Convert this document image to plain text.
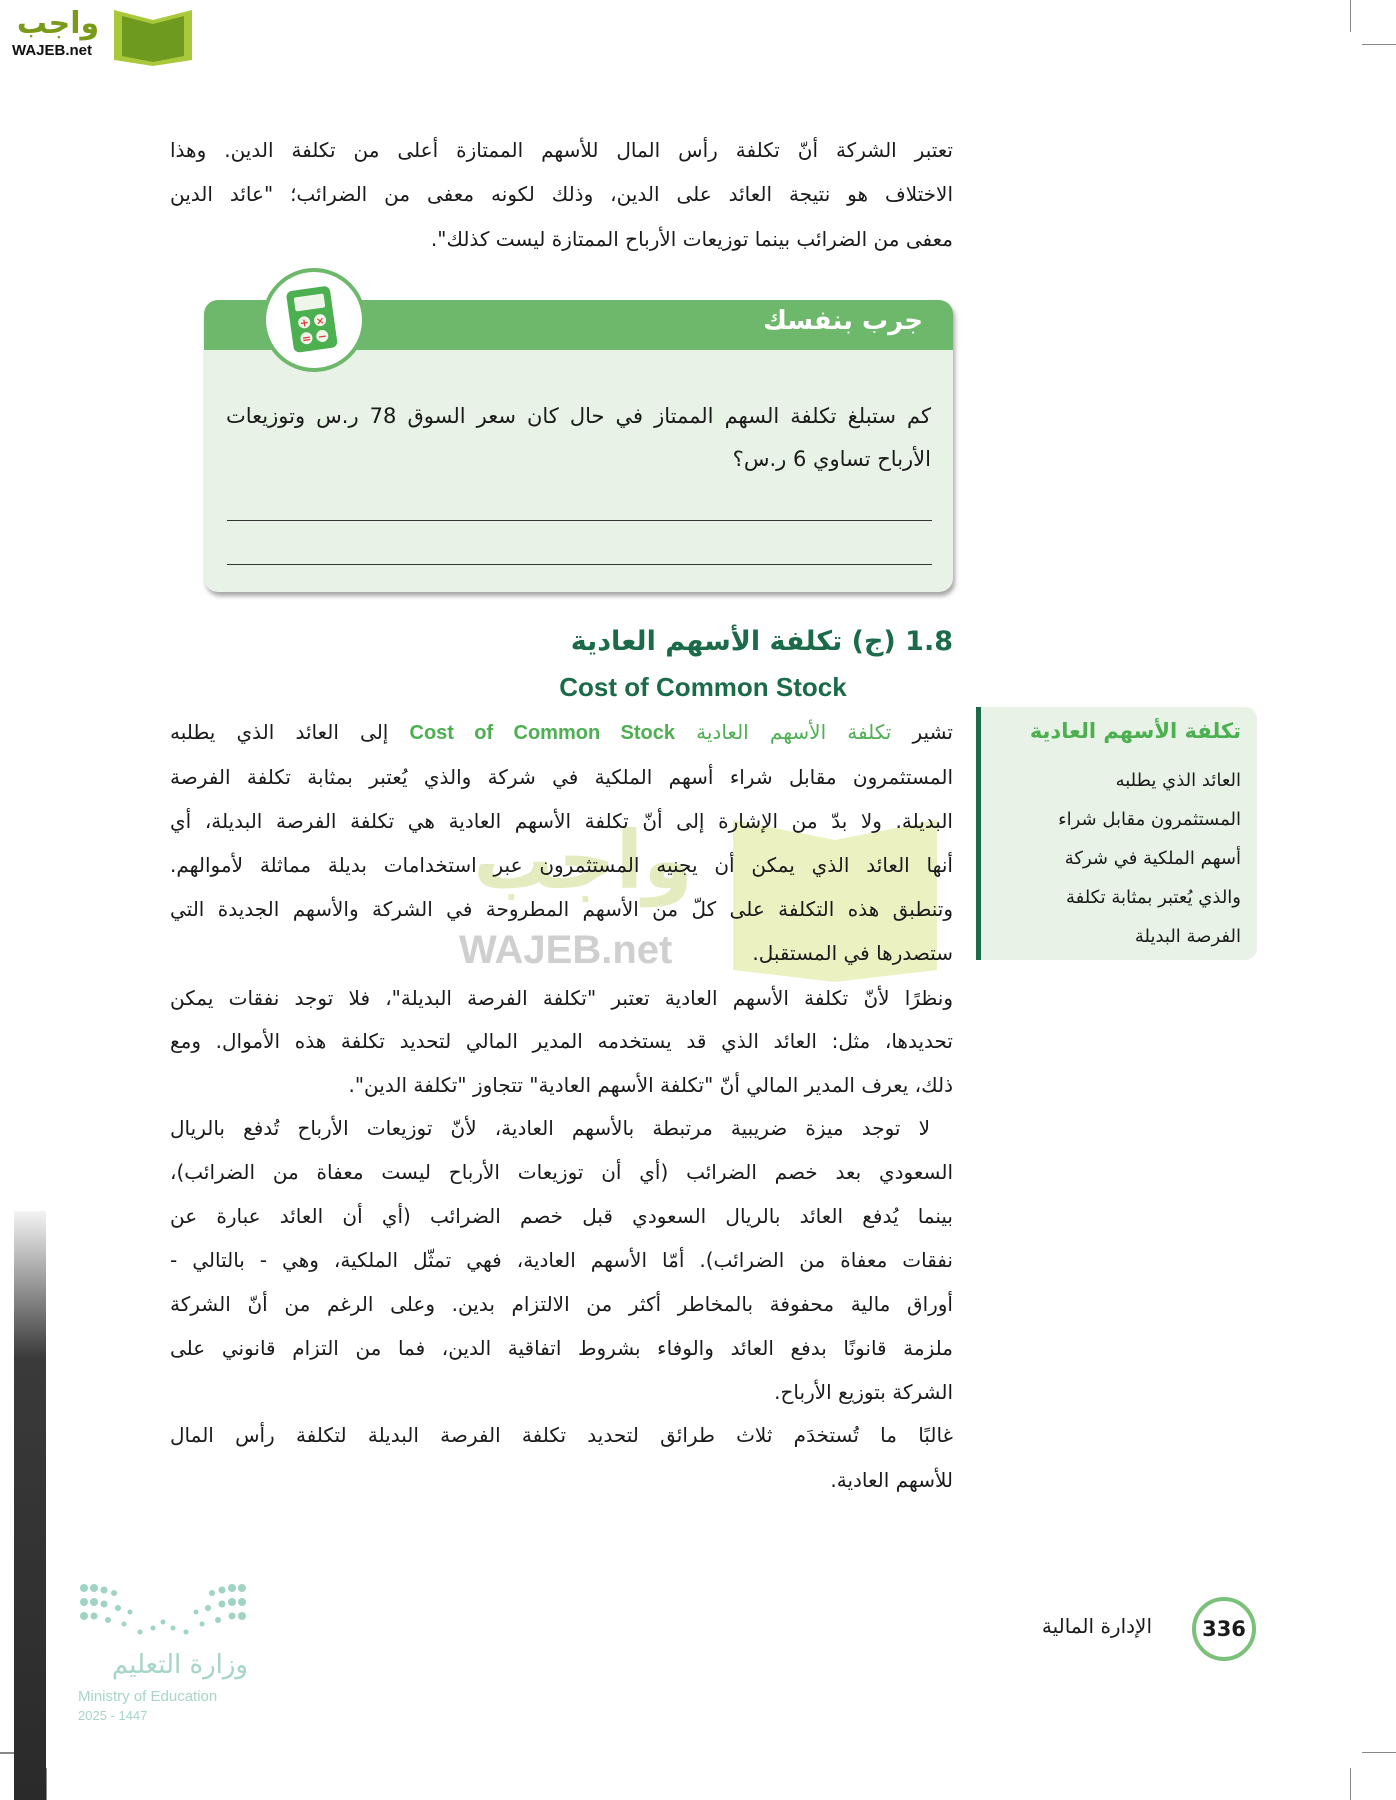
واجب
WAJEB.net
تعتبر الشركة أنّ تكلفة رأس المال للأسهم الممتازة أعلى من تكلفة الدين. وهذا
الاختلاف هو نتيجة العائد على الدين، وذلك لكونه معفى من الضرائب؛ "عائد الدين
معفى من الضرائب بينما توزيعات الأرباح الممتازة ليست كذلك".
جرب بنفسك
كم ستبلغ تكلفة السهم الممتاز في حال كان سعر السوق 78 ر.س وتوزيعات
الأرباح تساوي 6 ر.س؟
+ ×
= −
1.8 (ج) تكلفة الأسهم العادية
Cost of Common Stock
واجب
WAJEB.net
تشير تكلفة الأسهم العادية Cost of Common Stock إلى العائد الذي يطلبه
المستثمرون مقابل شراء أسهم الملكية في شركة والذي يُعتبر بمثابة تكلفة الفرصة
البديلة. ولا بدّ من الإشارة إلى أنّ تكلفة الأسهم العادية هي تكلفة الفرصة البديلة، أي
أنها العائد الذي يمكن أن يجنيه المستثمرون عبر استخدامات بديلة مماثلة لأموالهم.
وتنطبق هذه التكلفة على كلّ من الأسهم المطروحة في الشركة والأسهم الجديدة التي
ستصدرها في المستقبل.
ونظرًا لأنّ تكلفة الأسهم العادية تعتبر "تكلفة الفرصة البديلة"، فلا توجد نفقات يمكن
تحديدها، مثل: العائد الذي قد يستخدمه المدير المالي لتحديد تكلفة هذه الأموال. ومع
ذلك، يعرف المدير المالي أنّ "تكلفة الأسهم العادية" تتجاوز "تكلفة الدين".
لا توجد ميزة ضريبية مرتبطة بالأسهم العادية، لأنّ توزيعات الأرباح تُدفع بالريال
السعودي بعد خصم الضرائب (أي أن توزيعات الأرباح ليست معفاة من الضرائب)،
بينما يُدفع العائد بالريال السعودي قبل خصم الضرائب (أي أن العائد عبارة عن
نفقات معفاة من الضرائب). أمّا الأسهم العادية، فهي تمثّل الملكية، وهي - بالتالي -
أوراق مالية محفوفة بالمخاطر أكثر من الالتزام بدين. وعلى الرغم من أنّ الشركة
ملزمة قانونًا بدفع العائد والوفاء بشروط اتفاقية الدين، فما من التزام قانوني على
الشركة بتوزيع الأرباح.
غالبًا ما تُستخدَم ثلاث طرائق لتحديد تكلفة الفرصة البديلة لتكلفة رأس المال
للأسهم العادية.
تكلفة الأسهم العادية
العائد الذي يطلبه
المستثمرون مقابل شراء
أسهم الملكية في شركة
والذي يُعتبر بمثابة تكلفة
الفرصة البديلة
336
الإدارة المالية
وزارة التعليم
Ministry of Education
2025 - 1447
